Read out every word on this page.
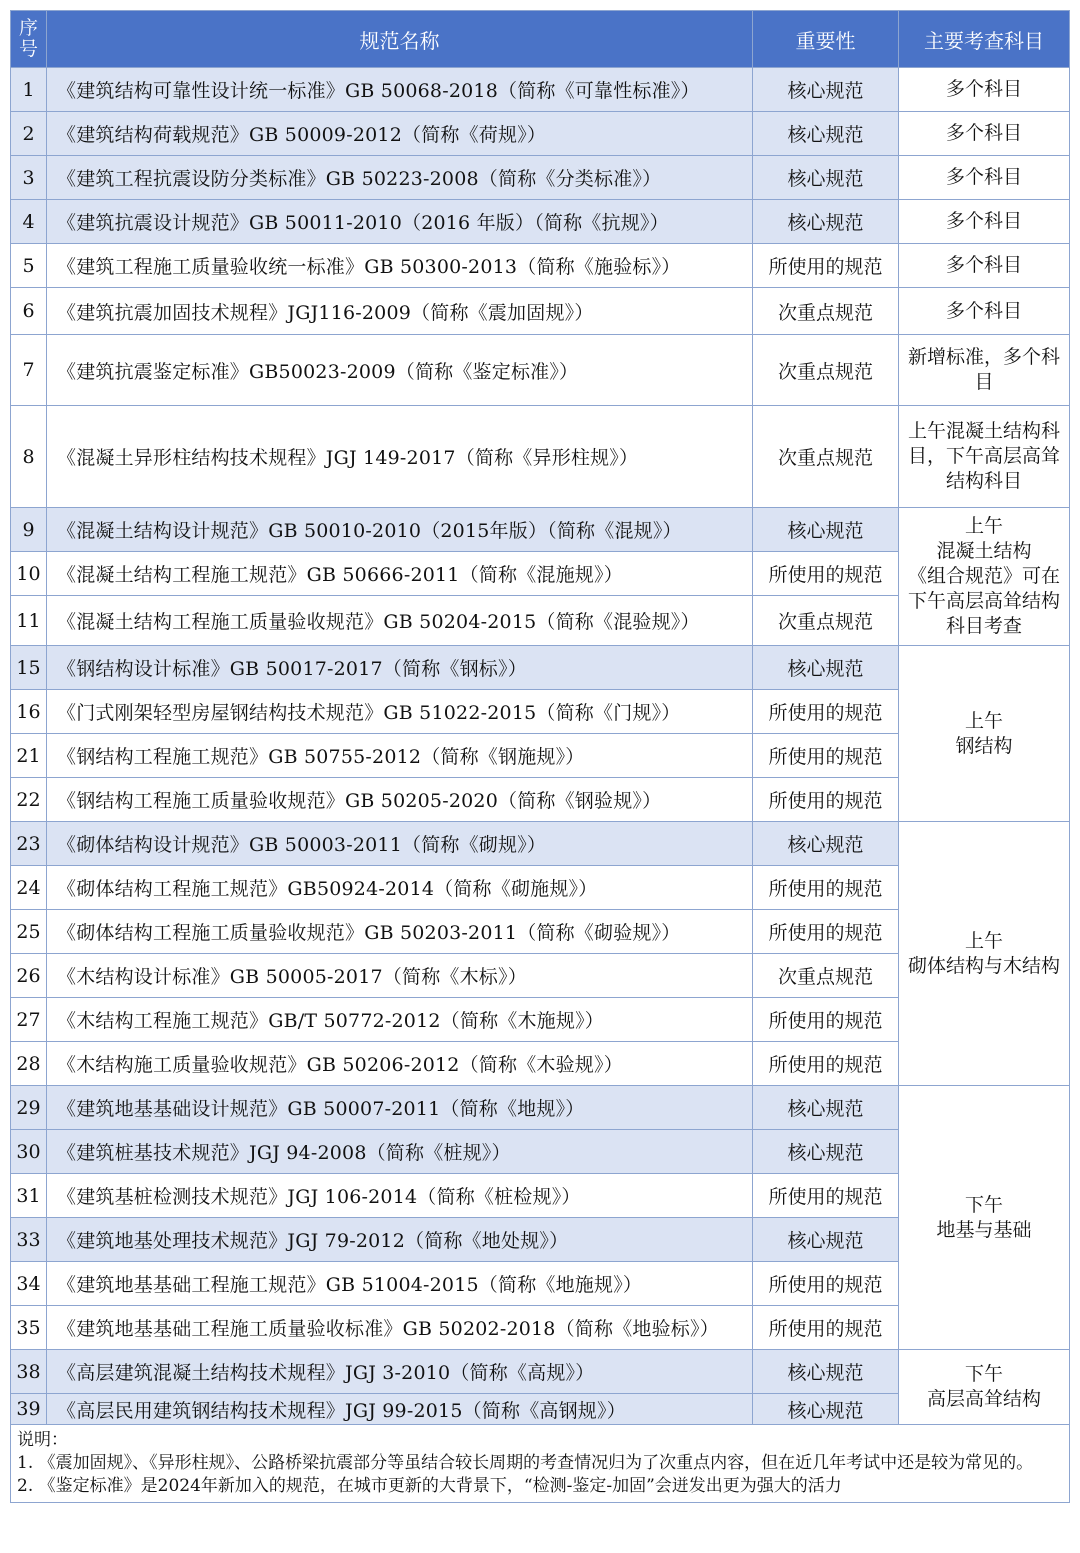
序号	规范名称	重要性	主要考查科目
1	《建筑结构可靠性设计统一标准》GB 50068-2018（简称《可靠性标准》）	核心规范	多个科目
2	《建筑结构荷载规范》GB 50009-2012（简称《荷规》）	核心规范	多个科目
3	《建筑工程抗震设防分类标准》GB 50223-2008（简称《分类标准》）	核心规范	多个科目
4	《建筑抗震设计规范》GB 50011-2010（2016 年版）（简称《抗规》）	核心规范	多个科目
5	《建筑工程施工质量验收统一标准》GB 50300-2013（简称《施验标》）	所使用的规范	多个科目
6	《建筑抗震加固技术规程》JGJ116-2009（简称《震加固规》）	次重点规范	多个科目
7	《建筑抗震鉴定标准》GB50023-2009（简称《鉴定标准》）	次重点规范	新增标准，多个科目
8	《混凝土异形柱结构技术规程》JGJ 149-2017（简称《异形柱规》）	次重点规范	上午混凝土结构科目，下午高层高耸结构科目
9	《混凝土结构设计规范》GB 50010-2010（2015年版）（简称《混规》）	核心规范	上午
混凝土结构
《组合规范》可在下午高层高耸结构科目考查
10	《混凝土结构工程施工规范》GB 50666-2011（简称《混施规》）	所使用的规范	
11	《混凝土结构工程施工质量验收规范》GB 50204-2015（简称《混验规》）	次重点规范	
15	《钢结构设计标准》GB 50017-2017（简称《钢标》）	核心规范	上午
钢结构
16	《门式刚架轻型房屋钢结构技术规范》GB 51022-2015（简称《门规》）	所使用的规范	
21	《钢结构工程施工规范》GB 50755-2012（简称《钢施规》）	所使用的规范	
22	《钢结构工程施工质量验收规范》GB 50205-2020（简称《钢验规》）	所使用的规范	
23	《砌体结构设计规范》GB 50003-2011（简称《砌规》）	核心规范	上午
砌体结构与木结构
24	《砌体结构工程施工规范》GB50924-2014（简称《砌施规》）	所使用的规范	
25	《砌体结构工程施工质量验收规范》GB 50203-2011（简称《砌验规》）	所使用的规范	
26	《木结构设计标准》GB 50005-2017（简称《木标》）	次重点规范	
27	《木结构工程施工规范》GB/T 50772-2012（简称《木施规》）	所使用的规范	
28	《木结构施工质量验收规范》GB 50206-2012（简称《木验规》）	所使用的规范	
29	《建筑地基基础设计规范》GB 50007-2011（简称《地规》）	核心规范	下午
地基与基础
30	《建筑桩基技术规范》JGJ 94-2008（简称《桩规》）	核心规范	
31	《建筑基桩检测技术规范》JGJ 106-2014（简称《桩检规》）	所使用的规范	
33	《建筑地基处理技术规范》JGJ 79-2012（简称《地处规》）	核心规范	
34	《建筑地基基础工程施工规范》GB 51004-2015（简称《地施规》）	所使用的规范	
35	《建筑地基基础工程施工质量验收标准》GB 50202-2018（简称《地验标》）	所使用的规范	
38	《高层建筑混凝土结构技术规程》JGJ 3-2010（简称《高规》）	核心规范	下午
高层高耸结构
39	《高层民用建筑钢结构技术规程》JGJ 99-2015（简称《高钢规》）	核心规范	

说明：
1. 《震加固规》、《异形柱规》、公路桥梁抗震部分等虽结合较长周期的考查情况归为了次重点内容，但在近几年考试中还是较为常见的。
2. 《鉴定标准》是2024年新加入的规范，在城市更新的大背景下，“检测-鉴定-加固”会迸发出更为强大的活力			
